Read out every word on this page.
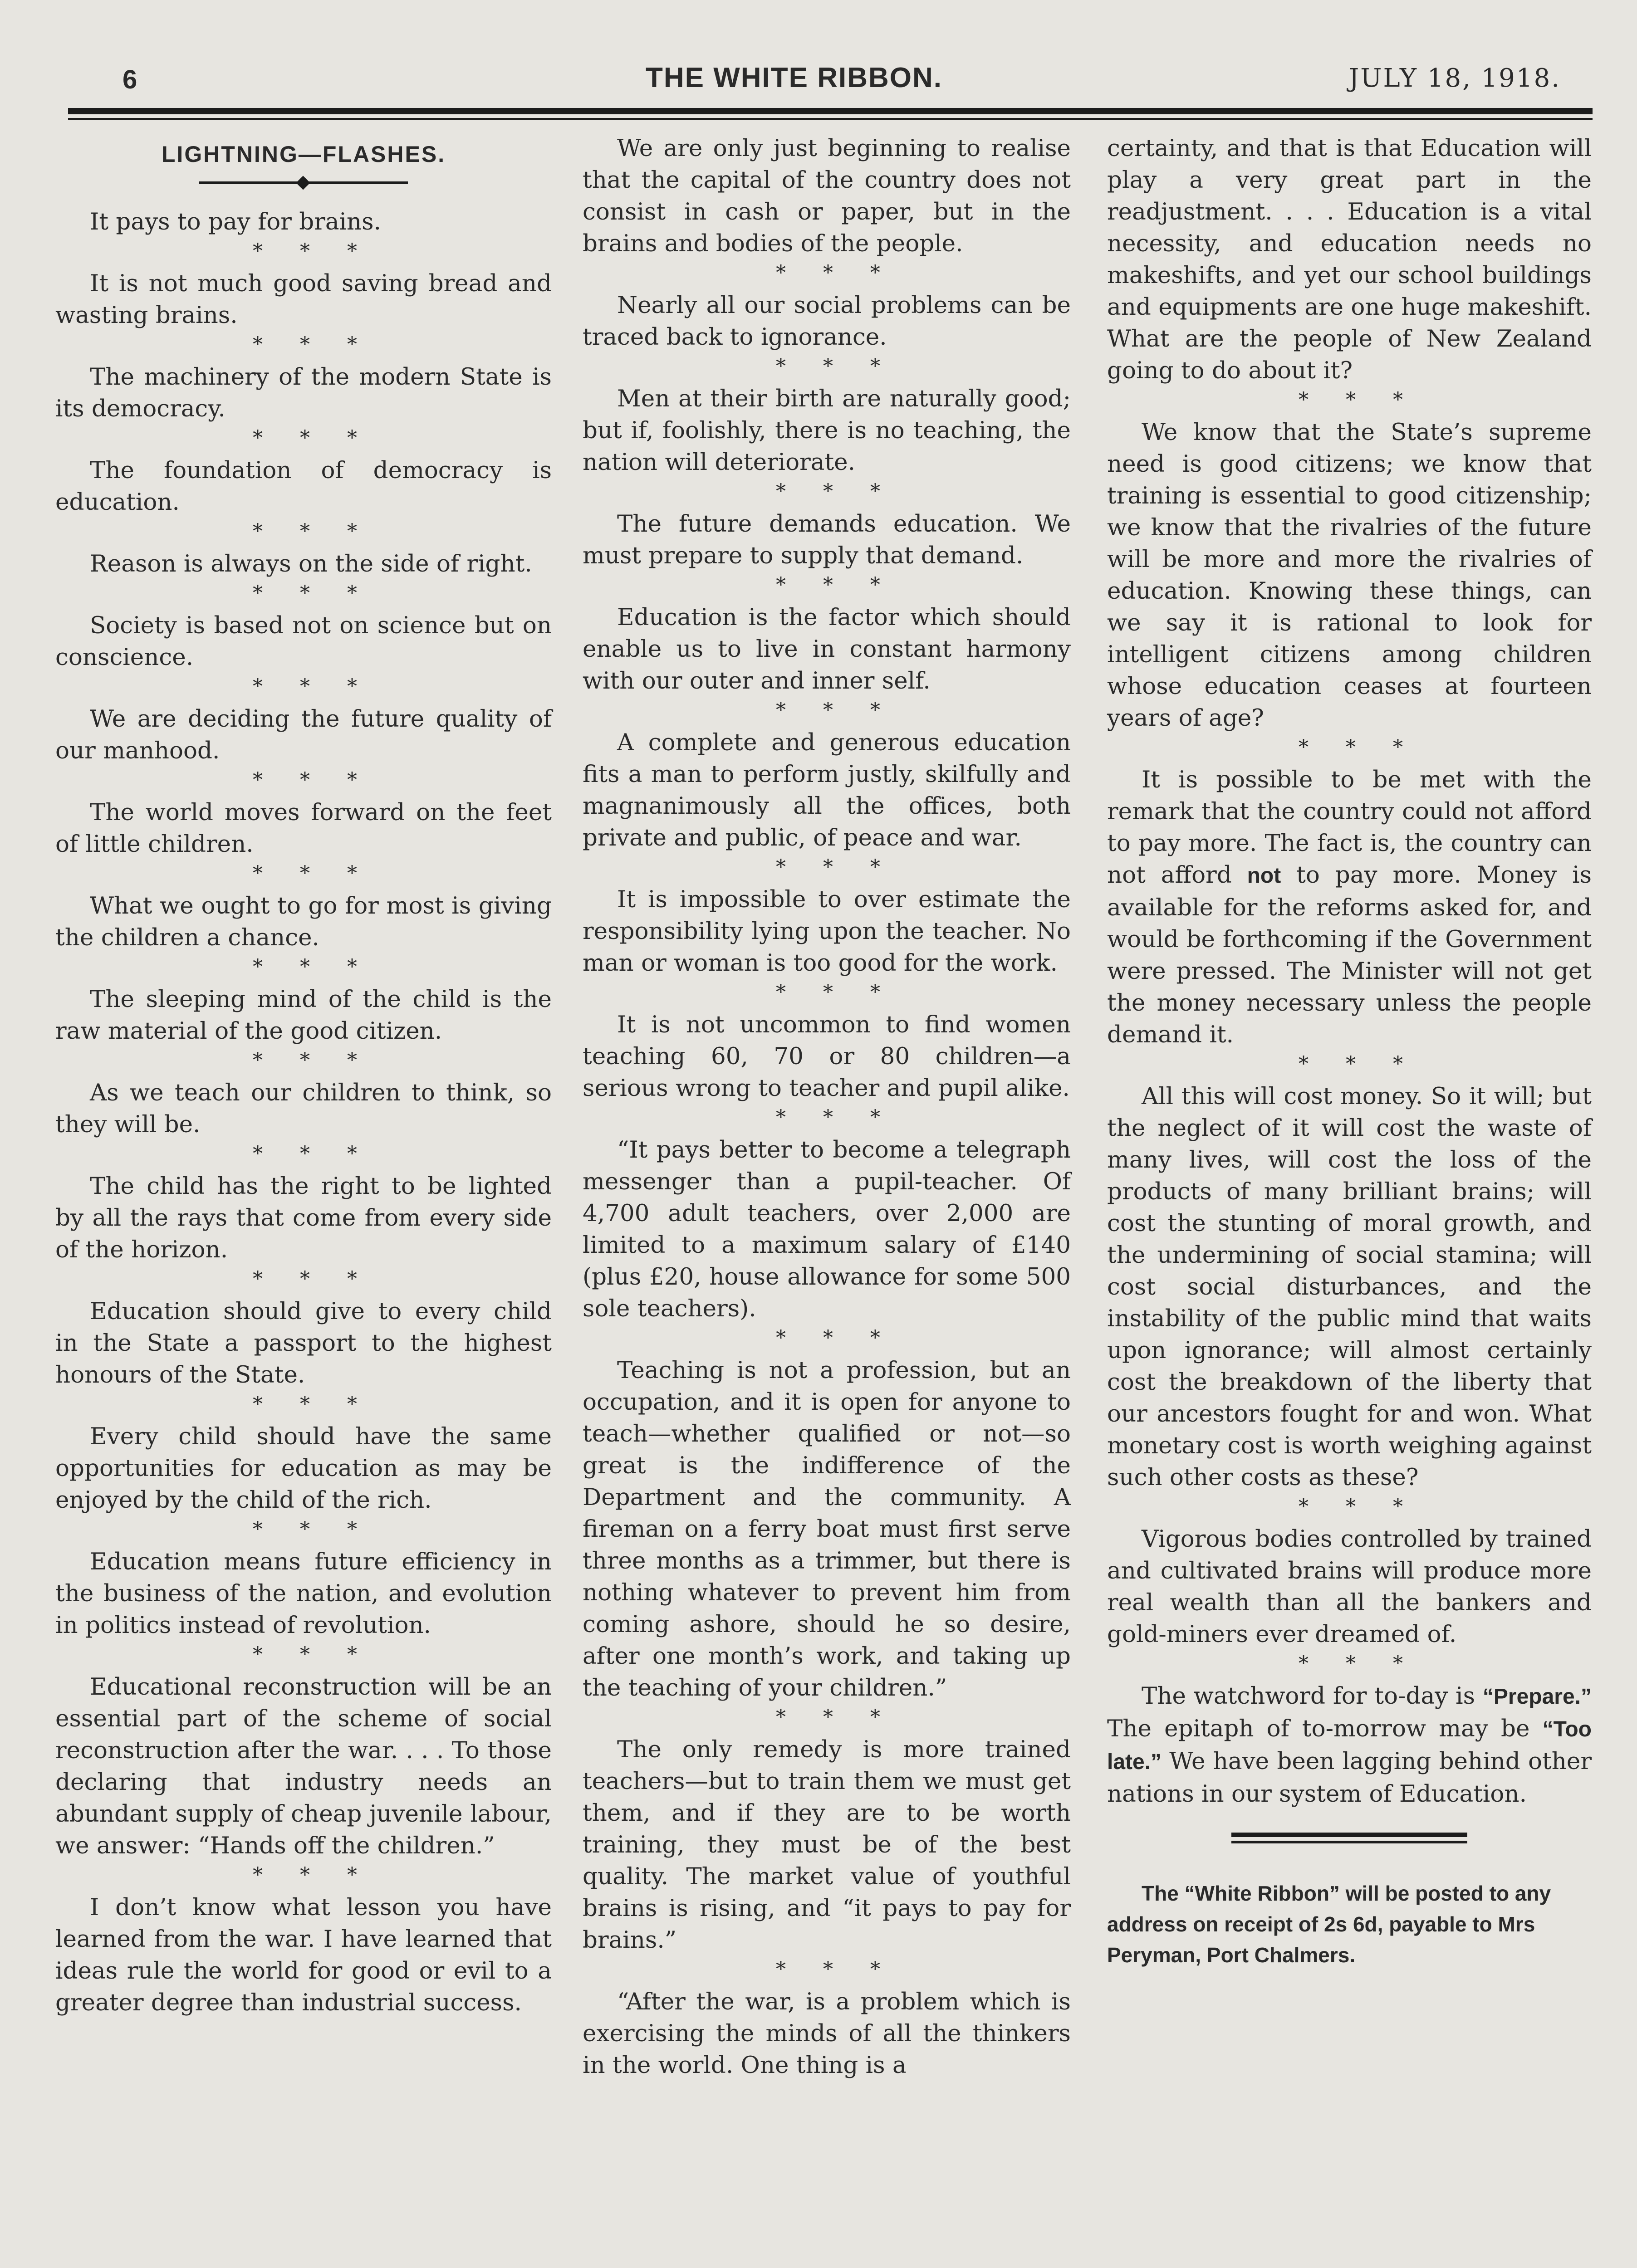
6	THE WHITE RIBBON.	JULY 18, 1918.
LIGHTNING—FLASHES.

It pays to pay for brains.

* * *

It is not much good saving bread and wasting brains.

* * *

The machinery of the modern State is its democracy.

* * *

The foundation of democracy is education.

* * *

Reason is always on the side of right.

* * *

Society is based not on science but on conscience.

* * *

We are deciding the future quality of our manhood.

* * *

The world moves forward on the feet of little children.

* * *

What we ought to go for most is giving the children a chance.

* * *

The sleeping mind of the child is the raw material of the good citizen.

* * *

As we teach our children to think, so they will be.

* * *

The child has the right to be lighted by all the rays that come from every side of the horizon.

* * *

Education should give to every child in the State a passport to the highest honours of the State.

* * *

Every child should have the same opportunities for education as may be enjoyed by the child of the rich.

* * *

Education means future efficiency in the business of the nation, and evolution in politics instead of revolution.

* * *

Educational reconstruction will be an essential part of the scheme of social reconstruction after the war. . . . To those declaring that industry needs an abundant supply of cheap juvenile labour, we answer: “Hands off the children.”

* * *

I don’t know what lesson you have learned from the war. I have learned that ideas rule the world for good or evil to a greater degree than industrial success.

We are only just beginning to realise that the capital of the country does not consist in cash or paper, but in the brains and bodies of the people.

* * *

Nearly all our social problems can be traced back to ignorance.

* * *

Men at their birth are naturally good; but if, foolishly, there is no teaching, the nation will deteriorate.

* * *

The future demands education. We must prepare to supply that demand.

* * *

Education is the factor which should enable us to live in constant harmony with our outer and inner self.

* * *

A complete and generous education fits a man to perform justly, skilfully and magnanimously all the offices, both private and public, of peace and war.

* * *

It is impossible to over estimate the responsibility lying upon the teacher. No man or woman is too good for the work.

* * *

It is not uncommon to find women teaching 60, 70 or 80 children—a serious wrong to teacher and pupil alike.

* * *

“It pays better to become a telegraph messenger than a pupil-teacher. Of 4,700 adult teachers, over 2,000 are limited to a maximum salary of £140 (plus £20, house allowance for some 500 sole teachers).

* * *

Teaching is not a profession, but an occupation, and it is open for anyone to teach—whether qualified or not—so great is the indifference of the Department and the community. A fireman on a ferry boat must first serve three months as a trimmer, but there is nothing whatever to prevent him from coming ashore, should he so desire, after one month’s work, and taking up the teaching of your children.”

* * *

The only remedy is more trained teachers—but to train them we must get them, and if they are to be worth training, they must be of the best quality. The market value of youthful brains is rising, and “it pays to pay for brains.”

* * *

“After the war, is a problem which is exercising the minds of all the thinkers in the world. One thing is a

certainty, and that is that Education will play a very great part in the readjustment. . . . Education is a vital necessity, and education needs no makeshifts, and yet our school buildings and equipments are one huge makeshift. What are the people of New Zealand going to do about it?

* * *

We know that the State’s supreme need is good citizens; we know that training is essential to good citizenship; we know that the rivalries of the future will be more and more the rivalries of education. Knowing these things, can we say it is rational to look for intelligent citizens among children whose education ceases at fourteen years of age?

* * *

It is possible to be met with the remark that the country could not afford to pay more. The fact is, the country can not afford not to pay more. Money is available for the reforms asked for, and would be forthcoming if the Government were pressed. The Minister will not get the money necessary unless the people demand it.

* * *

All this will cost money. So it will; but the neglect of it will cost the waste of many lives, will cost the loss of the products of many brilliant brains; will cost the stunting of moral growth, and the undermining of social stamina; will cost social disturbances, and the instability of the public mind that waits upon ignorance; will almost certainly cost the breakdown of the liberty that our ancestors fought for and won. What monetary cost is worth weighing against such other costs as these?

* * *

Vigorous bodies controlled by trained and cultivated brains will produce more real wealth than all the bankers and gold-miners ever dreamed of.

* * *

The watchword for to-day is “Prepare.” The epitaph of to-morrow may be “Too late.” We have been lagging behind other nations in our system of Education.

The “White Ribbon” will be posted to any address on receipt of 2s 6d, payable to Mrs Peryman, Port Chalmers.
